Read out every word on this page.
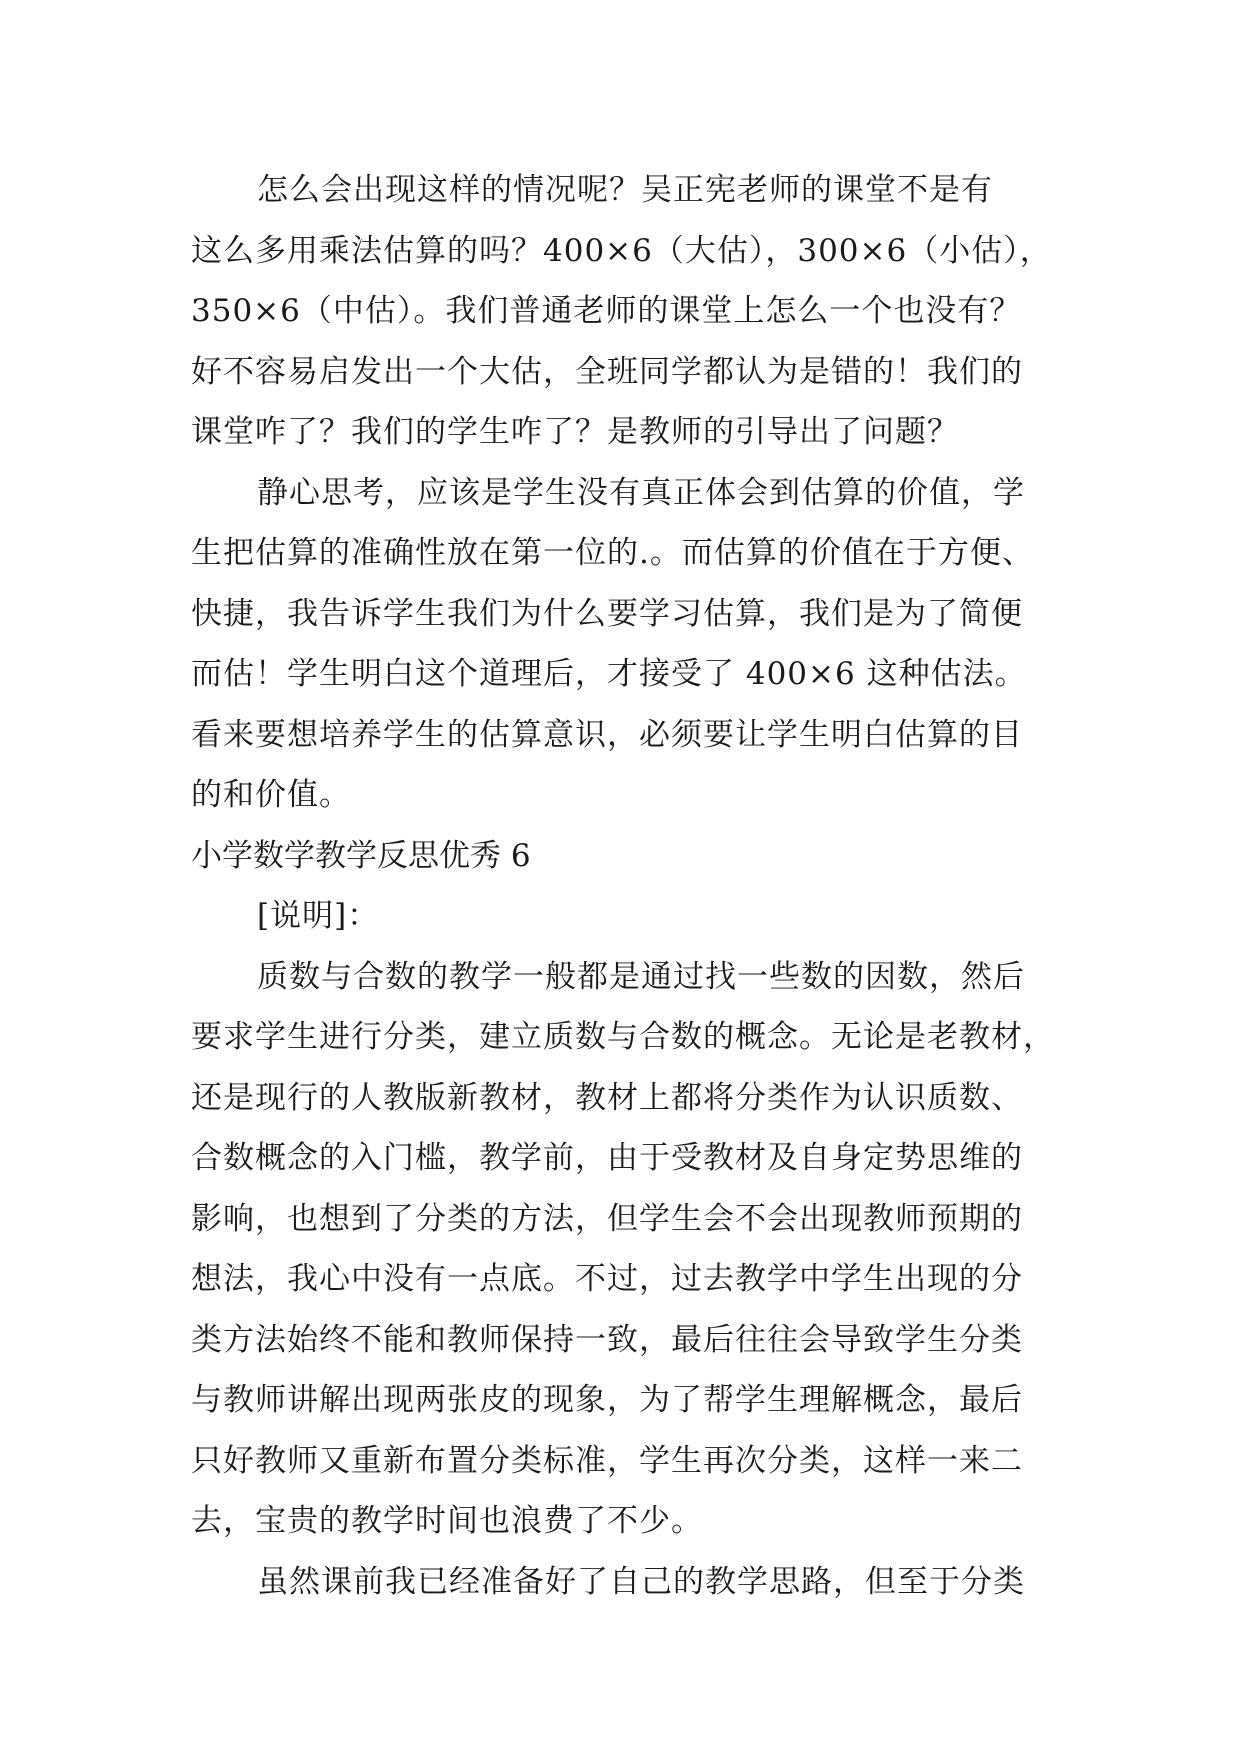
怎么会出现这样的情况呢？吴正宪老师的课堂不是有
这么多用乘法估算的吗？400×6（大估），300×6（小估），
350×6（中估）。我们普通老师的课堂上怎么一个也没有？
好不容易启发出一个大估，全班同学都认为是错的！我们的
课堂咋了？我们的学生咋了？是教师的引导出了问题？
静心思考，应该是学生没有真正体会到估算的价值，学
生把估算的准确性放在第一位的.。而估算的价值在于方便、
快捷，我告诉学生我们为什么要学习估算，我们是为了简便
而估！学生明白这个道理后，才接受了 400×6 这种估法。
看来要想培养学生的估算意识，必须要让学生明白估算的目
的和价值。
小学数学教学反思优秀 6
[说明]：
质数与合数的教学一般都是通过找一些数的因数，然后
要求学生进行分类，建立质数与合数的概念。无论是老教材，
还是现行的人教版新教材，教材上都将分类作为认识质数、
合数概念的入门槛，教学前，由于受教材及自身定势思维的
影响，也想到了分类的方法，但学生会不会出现教师预期的
想法，我心中没有一点底。不过，过去教学中学生出现的分
类方法始终不能和教师保持一致，最后往往会导致学生分类
与教师讲解出现两张皮的现象，为了帮学生理解概念，最后
只好教师又重新布置分类标准，学生再次分类，这样一来二
去，宝贵的教学时间也浪费了不少。
虽然课前我已经准备好了自己的教学思路，但至于分类
